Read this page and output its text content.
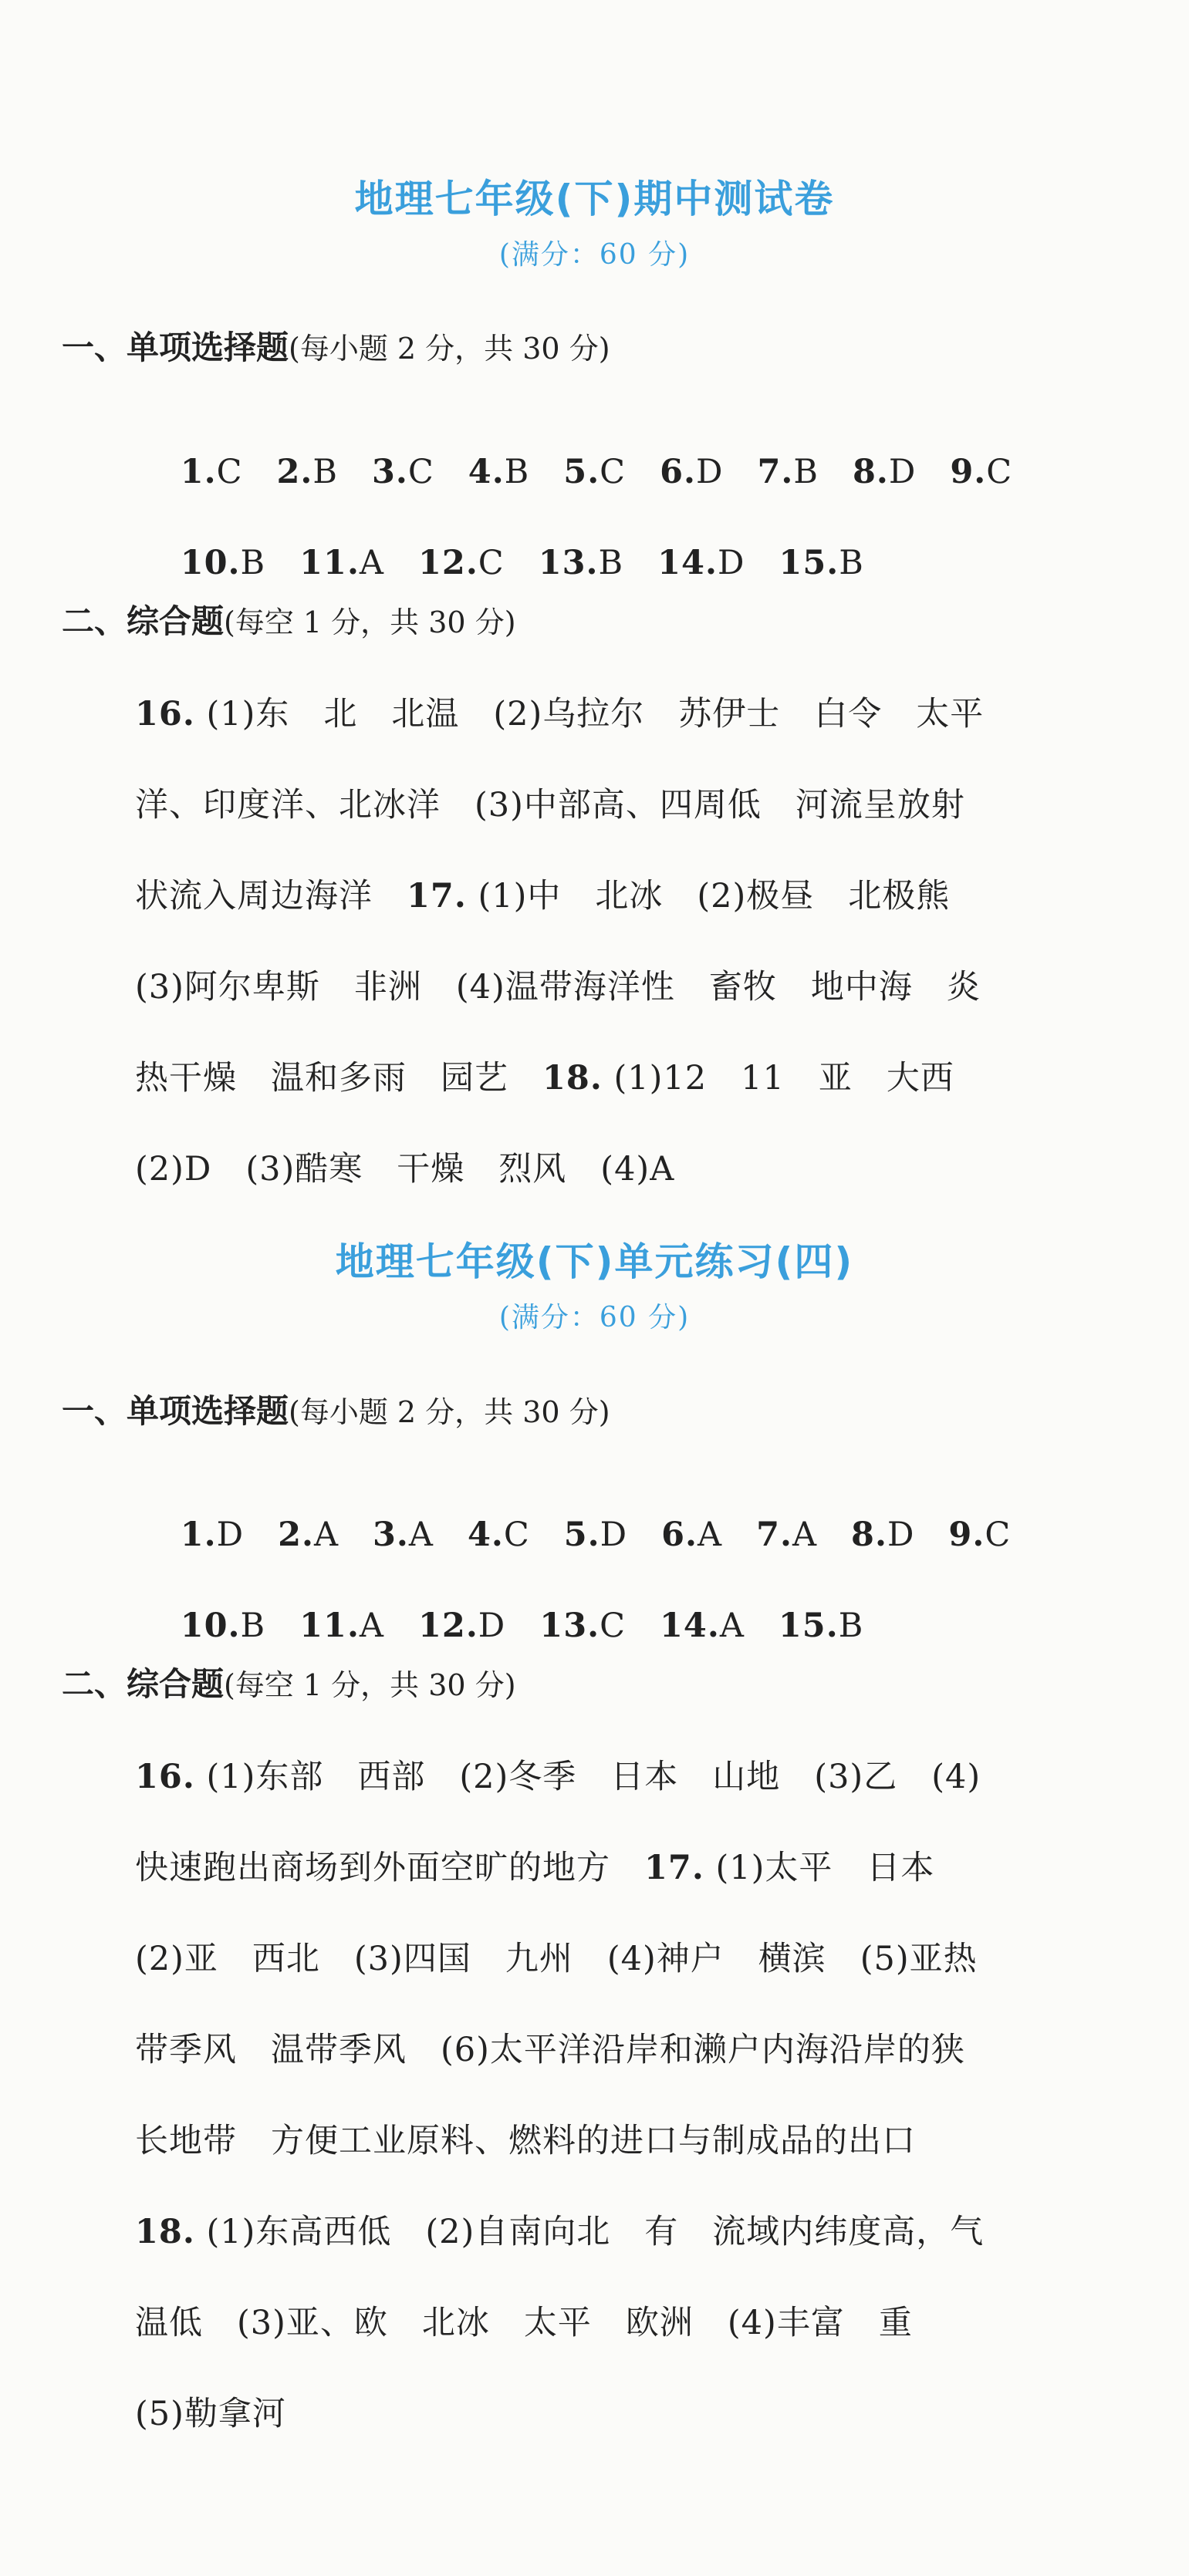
地理七年级(下)期中测试卷
(满分：60 分)
一、单项选择题(每小题 2 分，共 30 分)

1.C 2.B 3.C 4.B 5.C 6.D 7.B 8.D 9.C

10.B 11.A 12.C 13.B 14.D 15.B

二、综合题(每空 1 分，共 30 分)
16. (1)东　北　北温　(2)乌拉尔　苏伊士　白令　太平
洋、印度洋、北冰洋　(3)中部高、四周低　河流呈放射
状流入周边海洋　17. (1)中　北冰　(2)极昼　北极熊
(3)阿尔卑斯　非洲　(4)温带海洋性　畜牧　地中海　炎
热干燥　温和多雨　园艺　18. (1)12　11　亚　大西
(2)D　(3)酷寒　干燥　烈风　(4)A
地理七年级(下)单元练习(四)
(满分：60 分)
一、单项选择题(每小题 2 分，共 30 分)

1.D 2.A 3.A 4.C 5.D 6.A 7.A 8.D 9.C

10.B 11.A 12.D 13.C 14.A 15.B

二、综合题(每空 1 分，共 30 分)
16. (1)东部　西部　(2)冬季　日本　山地　(3)乙　(4)
快速跑出商场到外面空旷的地方　17. (1)太平　日本
(2)亚　西北　(3)四国　九州　(4)神户　横滨　(5)亚热
带季风　温带季风　(6)太平洋沿岸和濑户内海沿岸的狭
长地带　方便工业原料、燃料的进口与制成品的出口
18. (1)东高西低　(2)自南向北　有　流域内纬度高，气
温低　(3)亚、欧　北冰　太平　欧洲　(4)丰富　重
(5)勒拿河
